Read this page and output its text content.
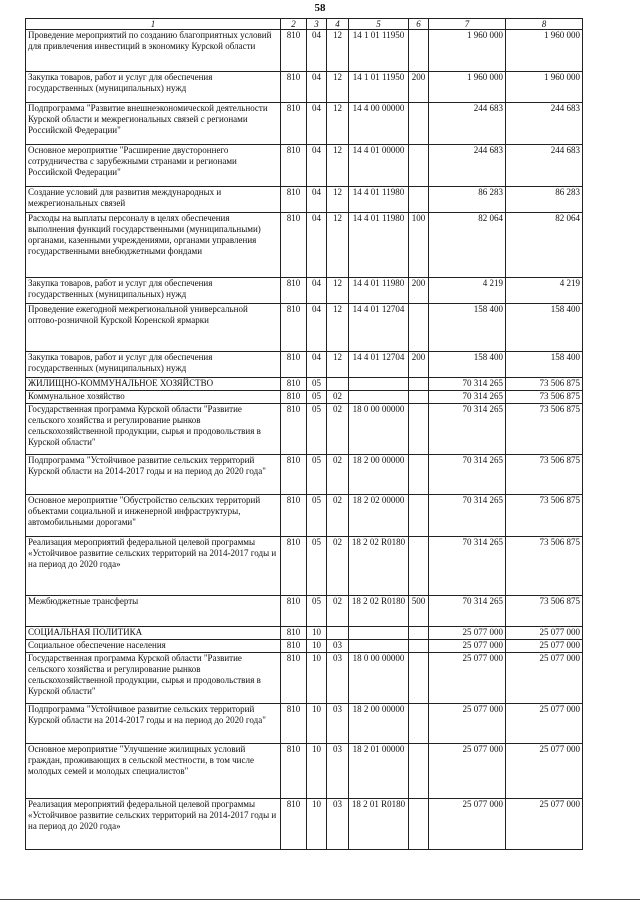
58
1	2	3	4	5	6	7	8
Проведение мероприятий по созданию благоприятных условий для привлечения инвестиций в экономику Курской области	810	04	12	14 1 01 11950		1 960 000	1 960 000
Закупка товаров, работ и услуг для обеспечения государственных (муниципальных) нужд	810	04	12	14 1 01 11950	200	1 960 000	1 960 000
Подпрограмма "Развитие внешнеэкономической деятельности Курской области и межрегиональных связей с регионами Российской Федерации"	810	04	12	14 4 00 00000		244 683	244 683
Основное мероприятие "Расширение двустороннего сотрудничества с зарубежными странами и регионами Российской Федерации"	810	04	12	14 4 01 00000		244 683	244 683
Создание условий для развития международных и межрегиональных связей	810	04	12	14 4 01 11980		86 283	86 283
Расходы на выплаты персоналу в целях обеспечения выполнения функций государственными (муниципальными) органами, казенными учреждениями, органами управления государственными внебюджетными фондами	810	04	12	14 4 01 11980	100	82 064	82 064
Закупка товаров, работ и услуг для обеспечения государственных (муниципальных) нужд	810	04	12	14 4 01 11980	200	4 219	4 219
Проведение ежегодной межрегиональной универсальной оптово-розничной Курской Коренской ярмарки	810	04	12	14 4 01 12704		158 400	158 400
Закупка товаров, работ и услуг для обеспечения государственных (муниципальных) нужд	810	04	12	14 4 01 12704	200	158 400	158 400
ЖИЛИЩНО-КОММУНАЛЬНОЕ ХОЗЯЙСТВО	810	05				70 314 265	73 506 875
Коммунальное хозяйство	810	05	02			70 314 265	73 506 875
Государственная программа Курской области "Развитие сельского хозяйства и регулирование рынков сельскохозяйственной продукции, сырья и продовольствия в Курской области"	810	05	02	18 0 00 00000		70 314 265	73 506 875
Подпрограмма "Устойчивое развитие сельских территорий Курской области на 2014-2017 годы и на период до 2020 года"	810	05	02	18 2 00 00000		70 314 265	73 506 875
Основное мероприятие "Обустройство сельских территорий объектами социальной и инженерной инфраструктуры, автомобильными дорогами"	810	05	02	18 2 02 00000		70 314 265	73 506 875
Реализация мероприятий федеральной целевой программы «Устойчивое развитие сельских территорий на 2014-2017 годы и на период до 2020 года»	810	05	02	18 2 02 R0180		70 314 265	73 506 875
Межбюджетные трансферты	810	05	02	18 2 02 R0180	500	70 314 265	73 506 875
СОЦИАЛЬНАЯ ПОЛИТИКА	810	10				25 077 000	25 077 000
Социальное обеспечение населения	810	10	03			25 077 000	25 077 000
Государственная программа Курской области "Развитие сельского хозяйства и регулирование рынков сельскохозяйственной продукции, сырья и продовольствия в Курской области"	810	10	03	18 0 00 00000		25 077 000	25 077 000
Подпрограмма "Устойчивое развитие сельских территорий Курской области на 2014-2017 годы и на период до 2020 года"	810	10	03	18 2 00 00000		25 077 000	25 077 000
Основное мероприятие "Улучшение жилищных условий граждан, проживающих в сельской местности, в том числе молодых семей и молодых специалистов"	810	10	03	18 2 01 00000		25 077 000	25 077 000
Реализация мероприятий федеральной целевой программы «Устойчивое развитие сельских территорий на 2014-2017 годы и на период до 2020 года»	810	10	03	18 2 01 R0180		25 077 000	25 077 000
